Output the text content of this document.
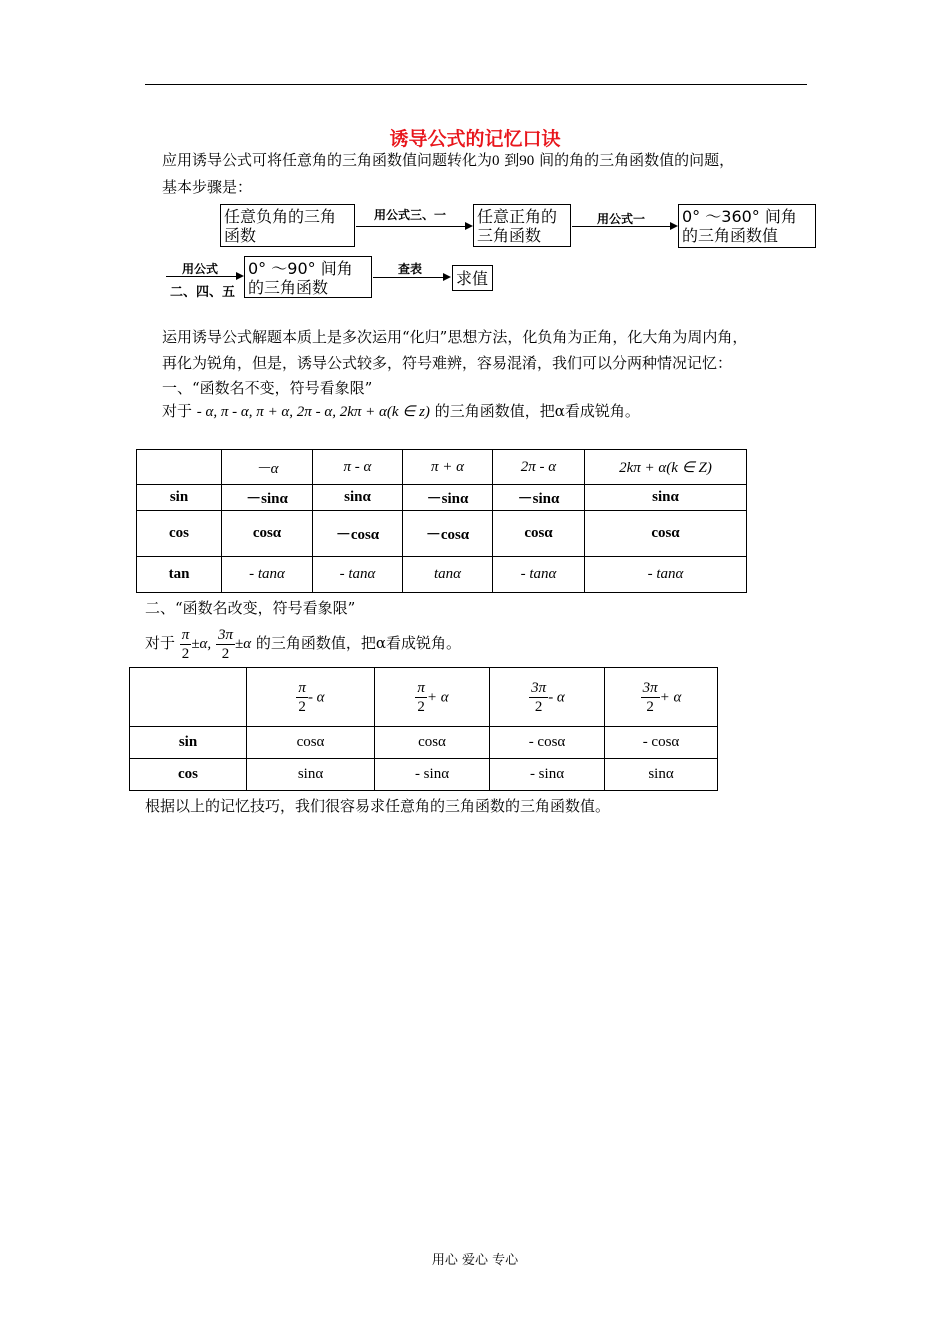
诱导公式的记忆口诀
应用诱导公式可将任意角的三角函数值问题转化为0 到90 间的角的三角函数值的问题，
基本步骤是：
任意负角的三角
函数
用公式三、一 任意正角的
三角函数
用公式一 0° ～360° 间角
的三角函数值
用公式
二、四、五
0° ～90° 间角
的三角函数
查表 求值
运用诱导公式解题本质上是多次运用“化归”思想方法，化负角为正角，化大角为周内角，
再化为锐角，但是，诱导公式较多，符号难辨，容易混淆，我们可以分两种情况记忆：
一、“函数名不变，符号看象限”
对于 - α, π - α, π + α, 2π - α, 2kπ + α(k ∈ z) 的三角函数值，把α看成锐角。
	－α	π - α	π + α	2π - α	2kπ + α(k ∈ Z)
sin	－sinα	sinα	－sinα	－sinα	sinα
cos	cosα	－cosα	－cosα	cosα	cosα
tan	- tanα	- tanα	tanα	- tanα	- tanα
二、“函数名改变，符号看象限”
对于 $\frac{\pi}{2} \pm\alpha$, $\frac{3\pi}{2} \pm\alpha$ 的三角函数值，把α看成锐角。

	$\frac{\pi}{2}$ - α	$\frac{\pi}{2} + \alpha$	$\frac{3\pi}{2}$ - α	$\frac{3\pi}{2} + \alpha$
sin	cosα	cosα	- cosα	- cosα
cos	sinα	- sinα	- sinα	sinα
根据以上的记忆技巧，我们很容易求任意角的三角函数的三角函数值。
用心 爱心 专心
